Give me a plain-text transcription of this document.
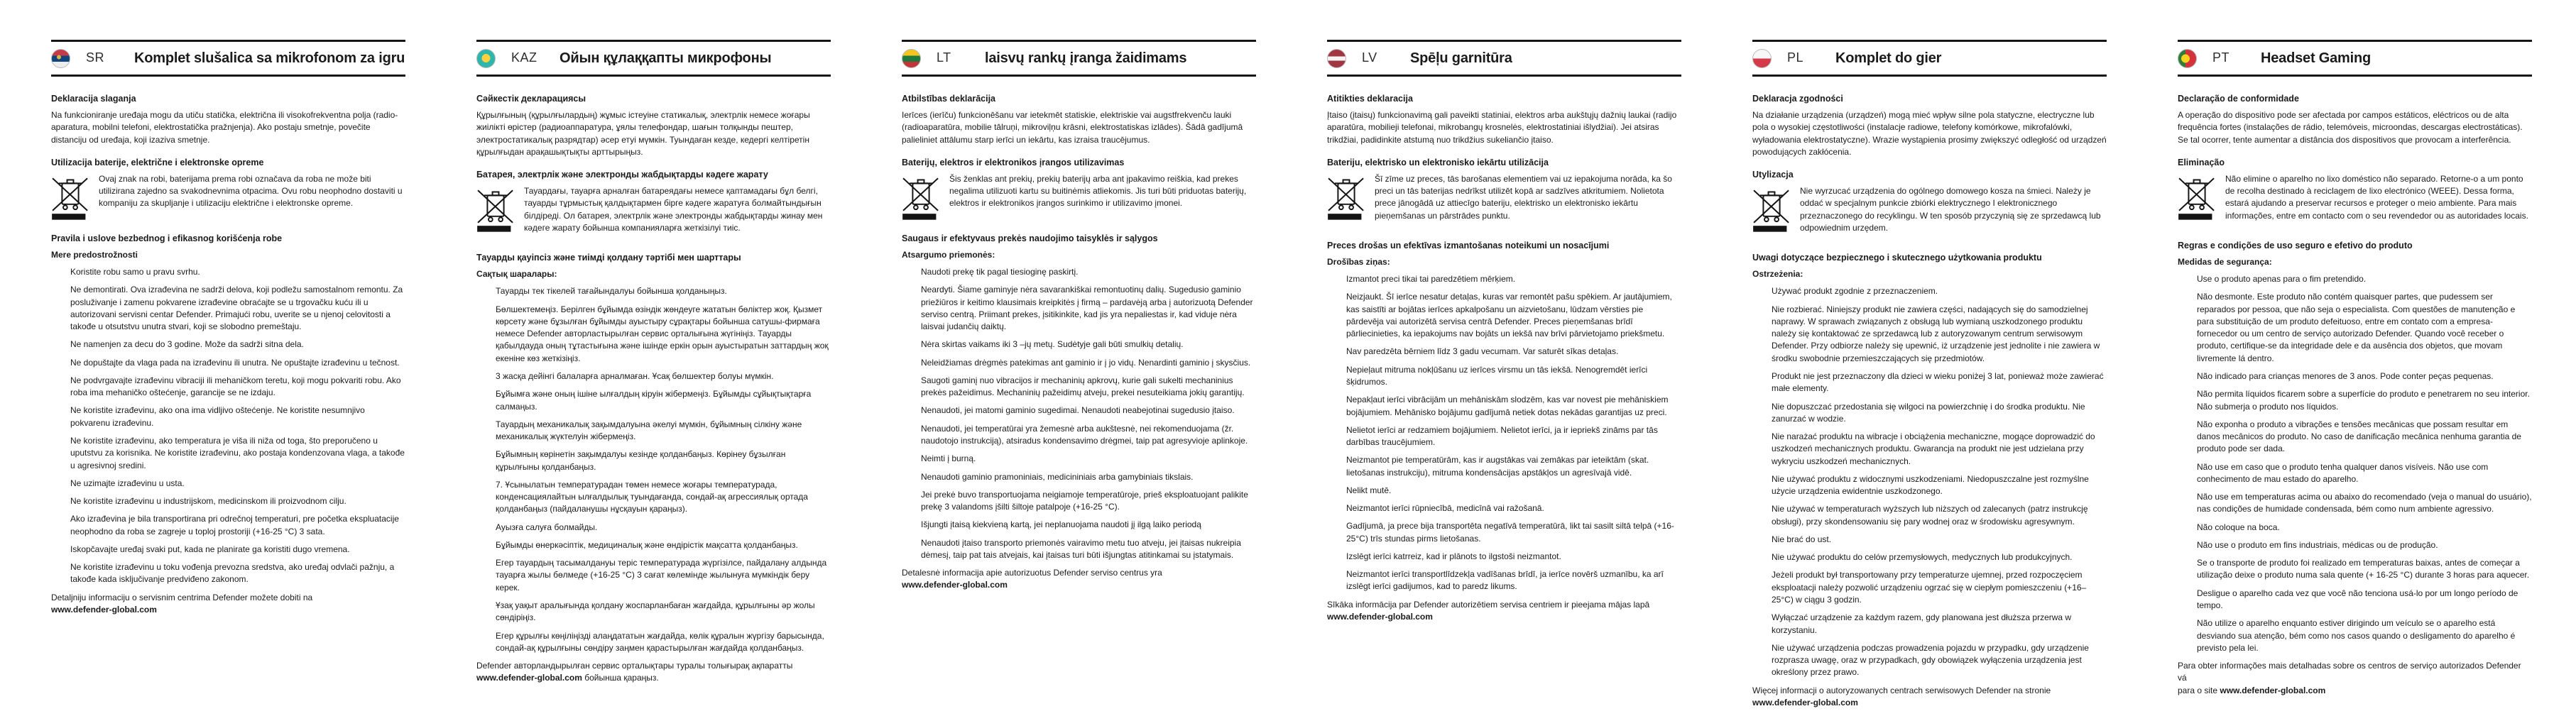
SR	Komplet slušalica sa mikrofonom za igru
Deklaracija slaganja

Na funkcioniranje uređaja mogu da utiču statička, električna ili visokofrekventna polja (radio-aparatura, mobilni telefoni, elektrostatička pražnjenja). Ako postaju smetnje, povečite distanciju od uređaja, koji izaziva smetnje.

Utilizacija baterije, električne i elektronske opreme

Ovaj znak na robi, baterijama prema robi označava da roba ne može biti utilizirana zajedno sa svakodnevnima otpacima. Ovu robu neophodno dostaviti u kompaniju za skupljanje i utilizaciju električne i elektronske opreme.

Pravila i uslove bezbednog i efikasnog korišćenja robe
Mere predostrožnosti

Koristite robu samo u pravu svrhu.

Ne demontirati. Ova izrađevina ne sadrži delova, koji podležu samostalnom remontu. Za posluživanje i zamenu pokvarene izrađevine obraćajte se u trgovačku kuću ili u autorizovani servisni centar Defender. Primajući robu, uverite se u njenoj celovitosti a takođe u otsutstvu unutra stvari, koji se slobodno premeštaju.

Ne namenjen za decu do 3 godine. Može da sadrži sitna dela.

Ne dopuštajte da vlaga pada na izrađevinu ili unutra. Ne opuštajte izrađevinu u tečnost.

Ne podvrgavajte izrađevinu vibraciji ili mehaničkom teretu, koji mogu pokvariti robu. Ako roba ima mehaničko oštećenje, garancije se ne izdaju.

Ne koristite izrađevinu, ako ona ima vidljivo oštećenje. Ne koristite nesumnjivo pokvarenu izrađevinu.

Ne koristite izrađevinu, ako temperatura je viša ili niža od toga, što preporučeno u uputstvu za korisnika. Ne koristite izrađevinu, ako postaja kondenzovana vlaga, a takođe u agresivnoj sredini.

Ne uzimajte izrađevinu u usta.

Ne koristite izrađevinu u industrijskom, medicinskom ili proizvodnom cilju.

Ako izrađevina je bila transportirana pri odrečnoj temperaturi, pre početka ekspluatacije neophodno da roba se zagreje u toploj prostoriji (+16-25 °C) 3 sata.

Iskopčavajte uređaj svaki put, kada ne planirate ga koristiti dugo vremena.

Ne koristite izrađevinu u toku vođenja prevozna sredstva, ako uređaj odvlači pažnju, a takođe kada isključivanje predviđeno zakonom.

Detaljniju informaciju o servisnim centrima Defender možete dobiti na
www.defender-global.com

KAZ	Ойын құлаққапты микрофоны
Сәйкестік декларациясы

Құрылғының (құрылғылардың) жұмыс істеуіне статикалық, электрлік немесе жоғары жиілікті өрістер (радиоаппаратура, ұялы телефондар, шағын толқынды пештер, электростатикалық разрядтар) әсер етуі мүмкін. Туындаған кезде, кедергі келтіретін құрылғыдан арақашықтықты арттырыңыз.

Батарея, электрлік және электронды жабдықтарды кәдеге жарату

Тауардағы, тауарға арналған батареядағы немесе қаптамадағы бұл белгі, тауарды тұрмыстық қалдықтармен бірге кәдеге жаратуға болмайтындығын білдіреді. Ол батарея, электрлік және электронды жабдықтарды жинау мен кәдеге жарату бойынша компанияларға жеткізілуі тиіс.

Тауарды қауіпсіз және тиімді қолдану тәртібі мен шарттары
Сақтық шаралары:

Тауарды тек тікелей тағайындалуы бойынша қолданыңыз.

Бөлшектемеңіз. Берілген бұйымда өзіндік жөндеуге жататын бөліктер жоқ. Қызмет көрсету және бұзылған бұйымды ауыстыру сұрақтары бойынша сатушы-фирмаға немесе Defender авторластырылған сервис орталығына жүгініңіз. Тауарды қабылдауда оның тұтастығына және ішінде еркін орын ауыстыратын заттардың жоқ екеніне көз жеткізіңіз.

3 жасқа дейінгі балаларға арналмаған. Ұсақ бөлшектер болуы мүмкін.

Бұйымға және оның ішіне ылғалдың кіруін жібермеңіз. Бұйымды сұйықтықтарға салмаңыз.

Тауардың механикалық зақымдалуына әкелуі мүмкін, бұйымның сілкіну және механикалық жүктелуін жібермеңіз.

Бұйымның көрінетін зақымдалуы кезінде қолданбаңыз. Көрінеу бұзылған құрылғыны қолданбаңыз.

7. Ұсынылатын температурадан төмен немесе жоғары температурада, конденсациялайтын ылғалдылық туындағанда, сондай-ақ агрессиялық ортада қолданбаңыз (пайдаланушы нұсқауын қараңыз).

Ауызға салуға болмайды.

Бұйымды өнеркәсіптік, медициналық және өндірістік мақсатта қолданбаңыз.

Егер тауардың тасымалдануы теріс температурада жүргізілсе, пайдалану алдында тауарға жылы бөлмеде (+16-25 °C) 3 сағат көлемінде жылынуға мүмкіндік беру керек.

Ұзақ уақыт аралығында қолдану жоспарланбаған жағдайда, құрылғыны әр жолы сөндіріңіз.

Егер құрылғы көңіліңізді алаңдататын жағдайда, көлік құралын жүргізу барысында, сондай-ақ құрылғыны сөндіру заңмен қарастырылған жағдайда қолданбаңыз.

Defender авторландырылған сервис орталықтары туралы толығырақ ақпаратты
www.defender-global.com бойынша қараңыз.

LT	laisvų rankų įranga žaidimams
Atbilstības deklarācija

Ierīces (ierīču) funkcionēšanu var ietekmēt statiskie, elektriskie vai augstfrekvenču lauki (radioaparatūra, mobilie tālruņi, mikroviļņu krāsni, elektrostatiskas izlādes). Šādā gadījumā palieliniet attālumu starp ierīci un iekārtu, kas izraisa traucējumus.

Baterijų, elektros ir elektronikos įrangos utilizavimas

Šis ženklas ant prekių, prekių baterijų arba ant įpakavimo reiškia, kad prekes negalima utilizuoti kartu su buitinėmis atliekomis. Jis turi būti priduotas baterijų, elektros ir elektronikos įrangos surinkimo ir utilizavimo įmonei.

Saugaus ir efektyvaus prekės naudojimo taisyklės ir sąlygos
Atsargumo priemonės:

Naudoti prekę tik pagal tiesioginę paskirtį.

Neardyti. Šiame gaminyje nėra savarankiškai remontuotinų dalių. Sugedusio gaminio priežiūros ir keitimo klausimais kreipkitės į firmą – pardavėją arba į autorizuotą Defender serviso centrą. Priimant prekes, įsitikinkite, kad jis yra nepaliestas ir, kad viduje nėra laisvai judančių daiktų.

Nėra skirtas vaikams iki 3 –jų metų. Sudėtyje gali būti smulkių detalių.

Neleidžiamas drėgmės patekimas ant gaminio ir į jo vidų. Nenardinti gaminio į skysčius.

Saugoti gaminį nuo vibracijos ir mechaninių apkrovų, kurie gali sukelti mechaninius prekės pažeidimus. Mechaninių pažeidimų atveju, prekei nesuteikiama jokių garantijų.

Nenaudoti, jei matomi gaminio sugedimai. Nenaudoti neabejotinai sugedusio įtaiso.

Nenaudoti, jei temperatūrai yra žemesnė arba aukštesnė, nei rekomenduojama (žr. naudotojo instrukciją), atsiradus kondensavimo drėgmei, taip pat agresyvioje aplinkoje.

Neimti į burną.

Nenaudoti gaminio pramoniniais, medicininiais arba gamybiniais tikslais.

Jei prekė buvo transportuojama neigiamoje temperatūroje, prieš eksploatuojant palikite prekę 3 valandoms įšilti šiltoje patalpoje (+16-25 °C).

Išjungti įtaisą kiekvieną kartą, jei neplanuojama naudoti jį ilgą laiko periodą

Nenaudoti įtaiso transporto priemonės vairavimo metu tuo atveju, jei įtaisas nukreipia dėmesį, taip pat tais atvejais, kai įtaisas turi būti išjungtas atitinkamai su įstatymais.

Detalesnė informacija apie autorizuotus Defender serviso centrus yra
www.defender-global.com

LV	Spēļu garnitūra
Atitikties deklaracija

Įtaiso (įtaisų) funkcionavimą gali paveikti statiniai, elektros arba aukštųjų dažnių laukai (radijo aparatūra, mobilieji telefonai, mikrobangų krosnelės, elektrostatiniai išlydžiai). Jei atsiras trikdžiai, padidinkite atstumą nuo trikdžius sukeliančio įtaiso.

Bateriju, elektrisko un elektronisko iekārtu utilizācija

Šī zīme uz preces, tās barošanas elementiem vai uz iepakojuma norāda, ka šo preci un tās baterijas nedrīkst utilizēt kopā ar sadzīves atkritumiem. Nolietota prece jānogādā uz attiecīgo bateriju, elektrisko un elektronisko iekārtu pieņemšanas un pārstrādes punktu.

Preces drošas un efektīvas izmantošanas noteikumi un nosacījumi
Drošības ziņas:

Izmantot preci tikai tai paredzētiem mērķiem.

Neizjaukt. Šī ierīce nesatur detaļas, kuras var remontēt pašu spēkiem. Ar jautājumiem, kas saistīti ar bojātas ierīces apkalpošanu un aizvietošanu, lūdzam vērsties pie pārdevēja vai autorizētā servisa centrā Defender. Preces pieņemšanas brīdī pārliecinieties, ka iepakojums nav bojāts un iekšā nav brīvi pārvietojamo priekšmetu.

Nav paredzēta bērniem līdz 3 gadu vecumam. Var saturēt sīkas detaļas.

Nepieļaut mitruma nokļūšanu uz ierīces virsmu un tās iekšā. Nenogremdēt ierīci šķidrumos.

Nepakļaut ierīci vibrācijām un mehāniskām slodzēm, kas var novest pie mehāniskiem bojājumiem. Mehānisko bojājumu gadījumā netiek dotas nekādas garantijas uz preci.

Nelietot ierīci ar redzamiem bojājumiem. Nelietot ierīci, ja ir iepriekš zināms par tās darbības traucējumiem.

Neizmantot pie temperatūrām, kas ir augstākas vai zemākas par ieteiktām (skat. lietošanas instrukciju), mitruma kondensācijas apstākļos un agresīvajā vidē.

Nelikt mutē.

Neizmantot ierīci rūpniecībā, medicīnā vai ražošanā.

Gadījumā, ja prece bija transportēta negatīvā temperatūrā, likt tai sasilt siltā telpā (+16-25°C) trīs stundas pirms lietošanas.

Izslēgt ierīci katrreiz, kad ir plānots to ilgstoši neizmantot.

Neizmantot ierīci transportlīdzekļa vadīšanas brīdī, ja ierīce novērš uzmanību, ka arī izslēgt ierīci gadijumos, kad to paredz likums.

Sīkāka informācija par Defender autorizētiem servisa centriem ir pieejama mājas lapā
www.defender-global.com

PL	Komplet do gier
Deklaracja zgodności

Na działanie urządzenia (urządzeń) mogą mieć wpływ silne pola statyczne, electryczne lub pola o wysokiej częstotliwości (instalacje radiowe, telefony komórkowe, mikrofalówki, wyładowania elektrostatyczne). Wrazie wystąpienia prosimy zwiększyć odległość od urządzeń powodujących zakłócenia.

Utylizacja

Nie wyrzucać urządzenia do ogólnego domowego kosza na śmieci. Należy je oddać w specjalnym punkcie zbiórki elektrycznego I elektronicznego przeznaczonego do recyklingu. W ten sposób przyczynią się ze sprzedawcą lub odpowiednim urzędem.

Uwagi dotyczące bezpiecznego i skutecznego użytkowania produktu
Ostrzeżenia:

Używać produkt zgodnie z przeznaczeniem.

Nie rozbierać. Niniejszy produkt nie zawiera części, nadających się do samodzielnej naprawy. W sprawach związanych z obsługą lub wymianą uszkodzonego produktu należy się kontaktować ze sprzedawcą lub z autoryzowanym centrum serwisowym Defender. Przy odbiorze należy się upewnić, iż urządzenie jest jednolite i nie zawiera w środku swobodnie przemieszczających się przedmiotów.

Produkt nie jest przeznaczony dla dzieci w wieku poniżej 3 lat, ponieważ może zawierać małe elementy.

Nie dopuszczać przedostania się wilgoci na powierzchnię i do środka produktu. Nie zanurzać w wodzie.

Nie narażać produktu na wibracje i obciążenia mechaniczne, mogące doprowadzić do uszkodzeń mechanicznych produktu. Gwarancja na produkt nie jest udzielana przy wykryciu uszkodzeń mechanicznych.

Nie używać produktu z widocznymi uszkodzeniami. Niedopuszczalne jest rozmyślne użycie urządzenia ewidentnie uszkodzonego.

Nie używać w temperaturach wyższych lub niższych od zalecanych (patrz instrukcję obsługi), przy skondensowaniu się pary wodnej oraz w środowisku agresywnym.

Nie brać do ust.

Nie używać produktu do celów przemysłowych, medycznych lub produkcyjnych.

Jeżeli produkt był transportowany przy temperaturze ujemnej, przed rozpoczęciem eksploatacji należy pozwolić urządzeniu ogrzać się w ciepłym pomieszczeniu (+16–25°C) w ciągu 3 godzin.

Wyłączać urządzenie za każdym razem, gdy planowana jest dłuższa przerwa w korzystaniu.

Nie używać urządzenia podczas prowadzenia pojazdu w przypadku, gdy urządzenie rozprasza uwagę, oraz w przypadkach, gdy obowiązek wyłączenia urządzenia jest określony przez prawo.

Więcej informacji o autoryzowanych centrach serwisowych Defender na stronie
www.defender-global.com

PT	Headset Gaming
Declaração de conformidade

A operação do dispositivo pode ser afectada por campos estáticos, eléctricos ou de alta frequência fortes (instalações de rádio, telemóveis, microondas, descargas electrostáticas). Se tal ocorrer, tente aumentar a distância dos dispositivos que provocam a interferência.

Eliminação

Não elimine o aparelho no lixo doméstico não separado. Retorne-o a um ponto de recolha destinado à reciclagem de lixo electrónico (WEEE). Dessa forma, estará ajudando a preservar recursos e proteger o meio ambiente. Para mais informações, entre em contacto com o seu revendedor ou as autoridades locais.

Regras e condições de uso seguro e efetivo do produto
Medidas de segurança:

Use o produto apenas para o fim pretendido.

Não desmonte. Este produto não contém quaisquer partes, que pudessem ser reparados por pessoa, que não seja o especialista. Com questões de manutenção e para substituição de um produto defeituoso, entre em contato com a empresa-fornecedor ou um centro de serviço autorizado Defender. Quando você receber o produto, certifique-se da integridade dele e da ausência dos objetos, que movam livremente lá dentro.

Não indicado para crianças menores de 3 anos. Pode conter peças pequenas.

Não permita líquidos ficarem sobre a superfície do produto e penetrarem no seu interior. Não submerja o produto nos líquidos.

Não exponha o produto a vibrações e tensões mecânicas que possam resultar em danos mecânicos do produto. No caso de danificação mecânica nenhuma garantia de produto pode ser dada.

Não use em caso que o produto tenha qualquer danos visíveis. Não use com conhecimento de mau estado do aparelho.

Não use em temperaturas acima ou abaixo do recomendado (veja o manual do usuário), nas condições de humidade condensada, bém como num ambiente agressivo.

Não coloque na boca.

Não use o produto em fins industriais, médicas ou de produção.

Se o transporte de produto foi realizado em temperaturas baixas, antes de começar a utilização deixe o produto numa sala quente (+ 16-25 °C) durante 3 horas para aquecer.

Desligue o aparelho cada vez que você não tenciona usá-lo por um longo período de tempo.

Não utilize o aparelho enquanto estiver dirigindo um veículo se o aparelho está desviando sua atenção, bém como nos casos quando o desligamento do aparelho é previsto pela lei.

Para obter informações mais detalhadas sobre os centros de serviço autorizados Defender vá
para o site www.defender-global.com
